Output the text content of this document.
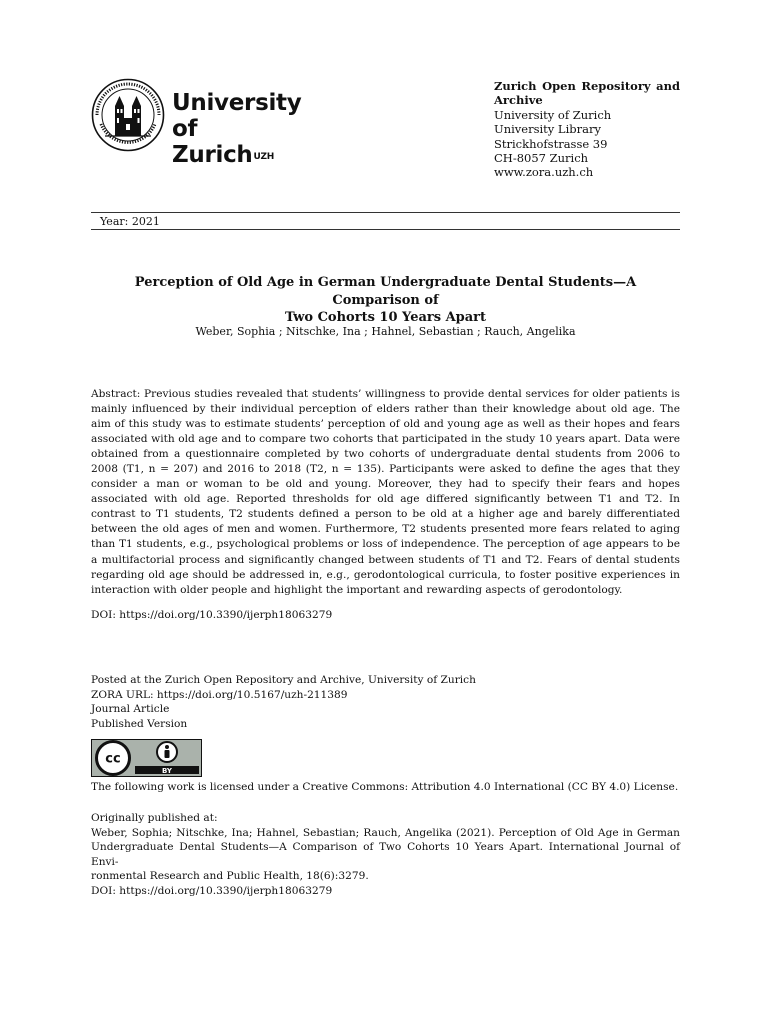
University of
Zurich$^{UZH}$
Zurich Open Repository and
Archive
University of Zurich
University Library
Strickhofstrasse 39
CH-8057 Zurich
www.zora.uzh.ch
Year: 2021
Perception of Old Age in German Undergraduate Dental Students—A Comparison of
Two Cohorts 10 Years Apart
Weber, Sophia ; Nitschke, Ina ; Hahnel, Sebastian ; Rauch, Angelika
Abstract: Previous studies revealed that students’ willingness to provide dental services for older patients is mainly influenced by their individual perception of elders rather than their knowledge about old age. The aim of this study was to estimate students’ perception of old and young age as well as their hopes and fears associated with old age and to compare two cohorts that participated in the study 10 years apart. Data were obtained from a questionnaire completed by two cohorts of undergraduate dental students from 2006 to 2008 (T1, n = 207) and 2016 to 2018 (T2, n = 135). Participants were asked to define the ages that they consider a man or woman to be old and young. Moreover, they had to specify their fears and hopes associated with old age. Reported thresholds for old age differed significantly between T1 and T2. In contrast to T1 students, T2 students defined a person to be old at a higher age and barely differentiated between the old ages of men and women. Furthermore, T2 students presented more fears related to aging than T1 students, e.g., psychological problems or loss of independence. The perception of age appears to be a multifactorial process and significantly changed between students of T1 and T2. Fears of dental students regarding old age should be addressed in, e.g., gerodontological curricula, to foster positive experiences in interaction with older people and highlight the important and rewarding aspects of gerodontology.
DOI: https://doi.org/10.3390/ijerph18063279
Posted at the Zurich Open Repository and Archive, University of Zurich
ZORA URL: https://doi.org/10.5167/uzh-211389
Journal Article
Published Version
cc
BY
The following work is licensed under a Creative Commons: Attribution 4.0 International (CC BY 4.0) License.
Originally published at:
Weber, Sophia; Nitschke, Ina; Hahnel, Sebastian; Rauch, Angelika (2021). Perception of Old Age in German
Undergraduate Dental Students—A Comparison of Two Cohorts 10 Years Apart. International Journal of Envi-
ronmental Research and Public Health, 18(6):3279.
DOI: https://doi.org/10.3390/ijerph18063279
